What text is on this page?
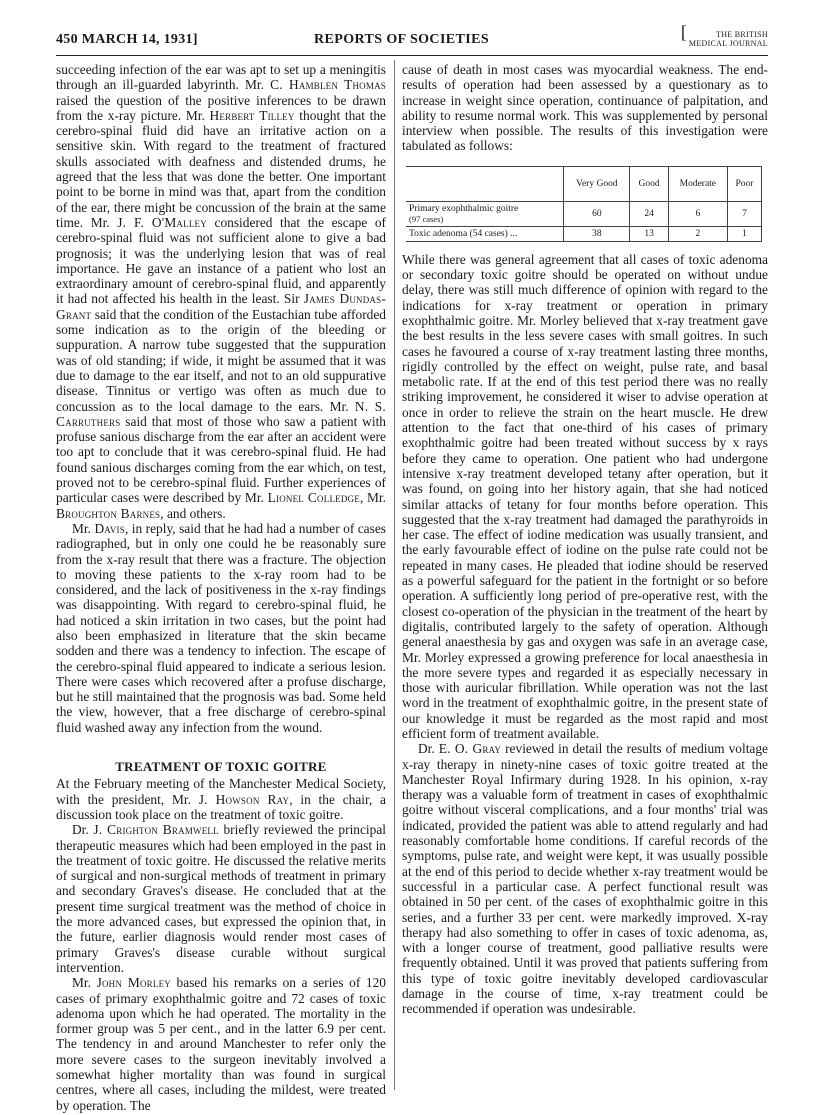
450 MARCH 14, 1931]	REPORTS OF SOCIETIES	[	THE BRITISH
MEDICAL JOURNAL

succeeding infection of the ear was apt to set up a meningitis through an ill-guarded labyrinth. Mr. C. Hamblen Thomas raised the question of the positive inferences to be drawn from the x-ray picture. Mr. Herbert Tilley thought that the cerebro-spinal fluid did have an irritative action on a sensitive skin. With regard to the treatment of fractured skulls associated with deafness and distended drums, he agreed that the less that was done the better. One important point to be borne in mind was that, apart from the condition of the ear, there might be concussion of the brain at the same time. Mr. J. F. O'Malley considered that the escape of cerebro-spinal fluid was not sufficient alone to give a bad prognosis; it was the underlying lesion that was of real importance. He gave an instance of a patient who lost an extraordinary amount of cerebro-spinal fluid, and apparently it had not affected his health in the least. Sir James Dundas-Grant said that the condition of the Eustachian tube afforded some indication as to the origin of the bleeding or suppuration. A narrow tube suggested that the suppuration was of old standing; if wide, it might be assumed that it was due to damage to the ear itself, and not to an old suppurative disease. Tinnitus or vertigo was often as much due to concussion as to the local damage to the ears. Mr. N. S. Carruthers said that most of those who saw a patient with profuse sanious discharge from the ear after an accident were too apt to conclude that it was cerebro-spinal fluid. He had found sanious discharges coming from the ear which, on test, proved not to be cerebro-spinal fluid. Further experiences of particular cases were described by Mr. Lionel Colledge, Mr. Broughton Barnes, and others.

Mr. Davis, in reply, said that he had had a number of cases radiographed, but in only one could he be reasonably sure from the x-ray result that there was a fracture. The objection to moving these patients to the x-ray room had to be considered, and the lack of positiveness in the x-ray findings was disappointing. With regard to cerebro-spinal fluid, he had noticed a skin irritation in two cases, but the point had also been emphasized in literature that the skin became sodden and there was a tendency to infection. The escape of the cerebro-spinal fluid appeared to indicate a serious lesion. There were cases which recovered after a profuse discharge, but he still maintained that the prognosis was bad. Some held the view, however, that a free discharge of cerebro-spinal fluid washed away any infection from the wound.

TREATMENT OF TOXIC GOITRE

At the February meeting of the Manchester Medical Society, with the president, Mr. J. Howson Ray, in the chair, a discussion took place on the treatment of toxic goitre.

Dr. J. Crighton Bramwell briefly reviewed the principal therapeutic measures which had been employed in the past in the treatment of toxic goitre. He discussed the relative merits of surgical and non-surgical methods of treatment in primary and secondary Graves's disease. He concluded that at the present time surgical treatment was the method of choice in the more advanced cases, but expressed the opinion that, in the future, earlier diagnosis would render most cases of primary Graves's disease curable without surgical intervention.

Mr. John Morley based his remarks on a series of 120 cases of primary exophthalmic goitre and 72 cases of toxic adenoma upon which he had operated. The mortality in the former group was 5 per cent., and in the latter 6.9 per cent. The tendency in and around Manchester to refer only the more severe cases to the surgeon inevitably involved a somewhat higher mortality than was found in surgical centres, where all cases, including the mildest, were treated by operation. The

cause of death in most cases was myocardial weakness. The end-results of operation had been assessed by a questionary as to increase in weight since operation, continuance of palpitation, and ability to resume normal work. This was supplemented by personal interview when possible. The results of this investigation were tabulated as follows:

	Very Good	Good	Moderate	Poor
Primary exophthalmic goitre
(97 cases)	60	24	6	7
Toxic adenoma (54 cases) ...	38	13	2	1

While there was general agreement that all cases of toxic adenoma or secondary toxic goitre should be operated on without undue delay, there was still much difference of opinion with regard to the indications for x-ray treatment or operation in primary exophthalmic goitre. Mr. Morley believed that x-ray treatment gave the best results in the less severe cases with small goitres. In such cases he favoured a course of x-ray treatment lasting three months, rigidly controlled by the effect on weight, pulse rate, and basal metabolic rate. If at the end of this test period there was no really striking improvement, he considered it wiser to advise operation at once in order to relieve the strain on the heart muscle. He drew attention to the fact that one-third of his cases of primary exophthalmic goitre had been treated without success by x rays before they came to operation. One patient who had undergone intensive x-ray treatment developed tetany after operation, but it was found, on going into her history again, that she had noticed similar attacks of tetany for four months before operation. This suggested that the x-ray treatment had damaged the parathyroids in her case. The effect of iodine medication was usually transient, and the early favourable effect of iodine on the pulse rate could not be repeated in many cases. He pleaded that iodine should be reserved as a powerful safeguard for the patient in the fortnight or so before operation. A sufficiently long period of pre-operative rest, with the closest co-operation of the physician in the treatment of the heart by digitalis, contributed largely to the safety of operation. Although general anaesthesia by gas and oxygen was safe in an average case, Mr. Morley expressed a growing preference for local anaesthesia in the more severe types and regarded it as especially necessary in those with auricular fibrillation. While operation was not the last word in the treatment of exophthalmic goitre, in the present state of our knowledge it must be regarded as the most rapid and most efficient form of treatment available.

Dr. E. O. Gray reviewed in detail the results of medium voltage x-ray therapy in ninety-nine cases of toxic goitre treated at the Manchester Royal Infirmary during 1928. In his opinion, x-ray therapy was a valuable form of treatment in cases of exophthalmic goitre without visceral complications, and a four months' trial was indicated, provided the patient was able to attend regularly and had reasonably comfortable home conditions. If careful records of the symptoms, pulse rate, and weight were kept, it was usually possible at the end of this period to decide whether x-ray treatment would be successful in a particular case. A perfect functional result was obtained in 50 per cent. of the cases of exophthalmic goitre in this series, and a further 33 per cent. were markedly improved. X-ray therapy had also something to offer in cases of toxic adenoma, as, with a longer course of treatment, good palliative results were frequently obtained. Until it was proved that patients suffering from this type of toxic goitre inevitably developed cardiovascular damage in the course of time, x-ray treatment could be recommended if operation was undesirable.
